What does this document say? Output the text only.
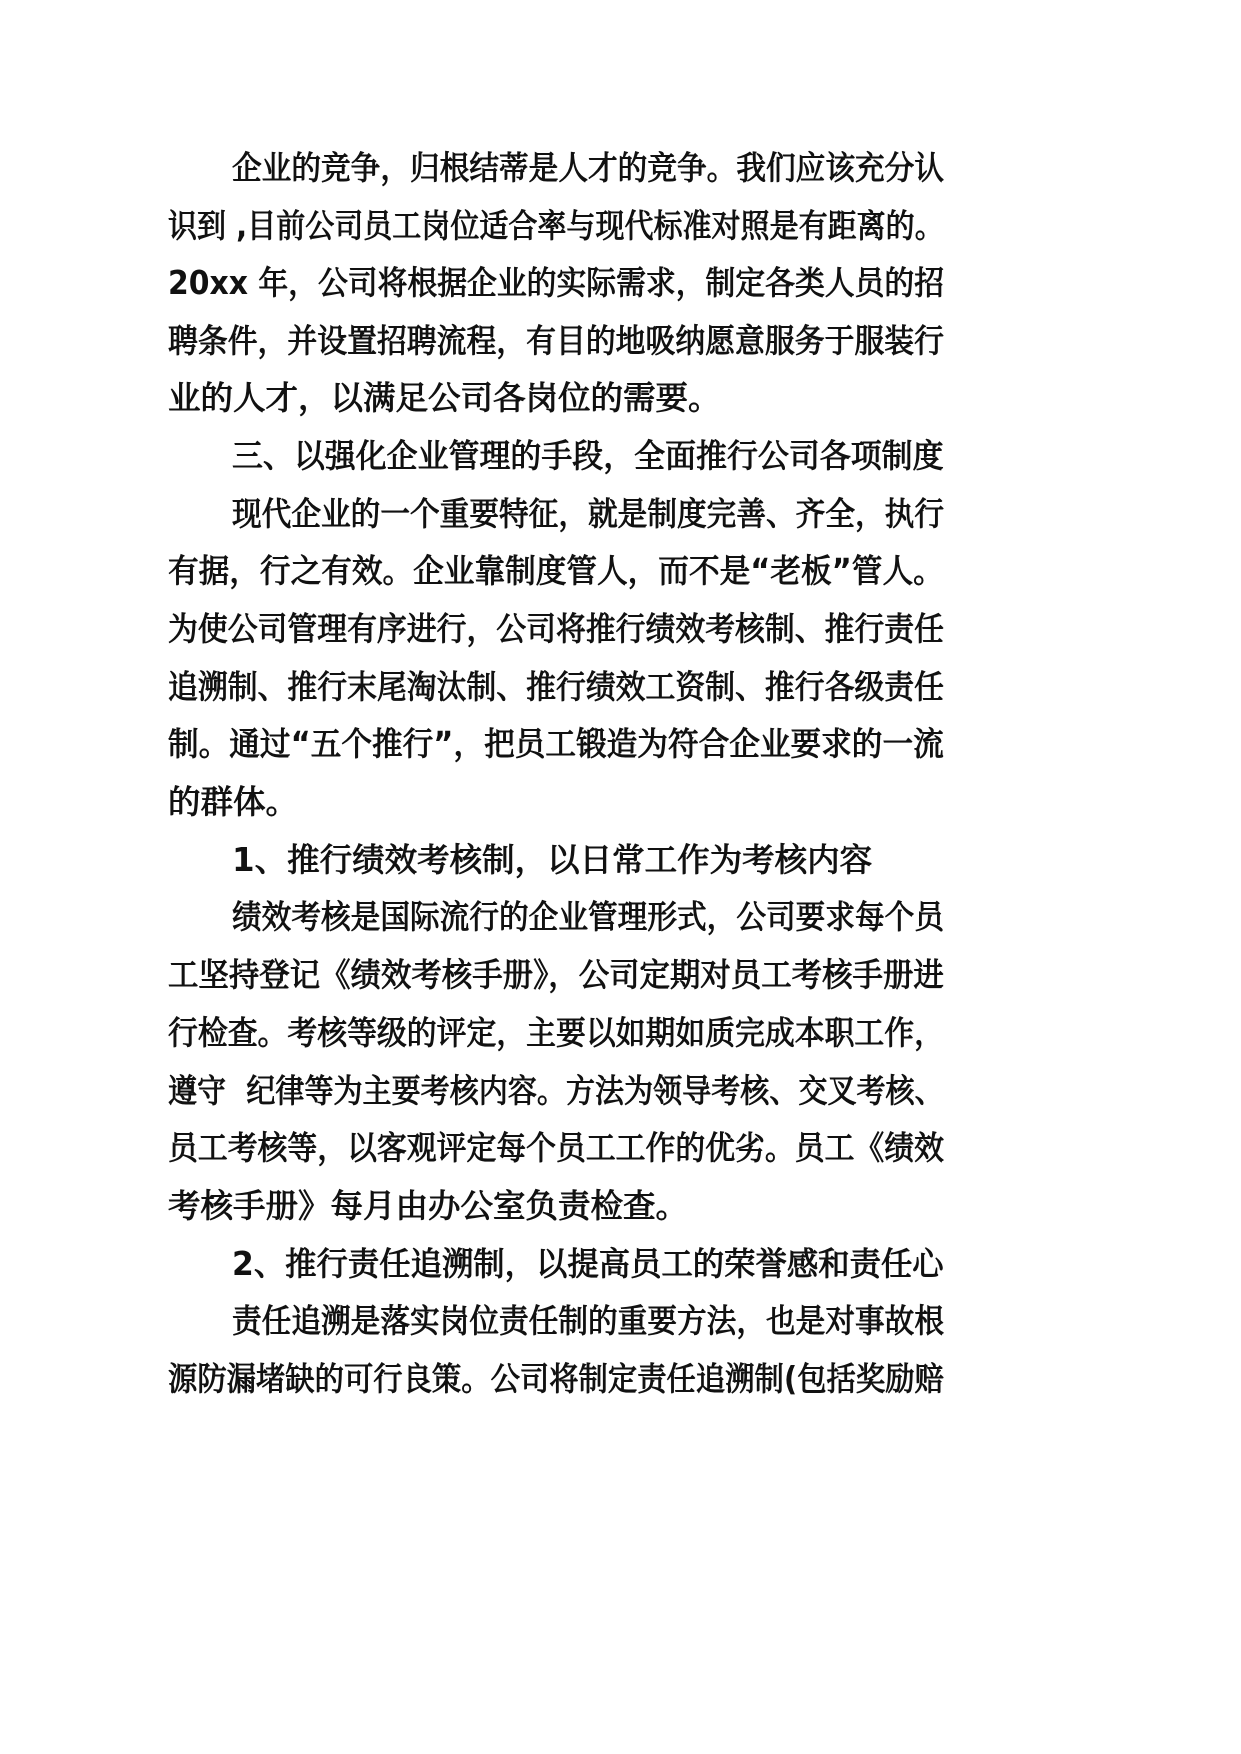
企业的竞争，归根结蒂是人才的竞争。我们应该充分认
识到 ,目前公司员工岗位适合率与现代标准对照是有距离的。
20xx 年，公司将根据企业的实际需求，制定各类人员的招
聘条件，并设置招聘流程，有目的地吸纳愿意服务于服装行
业的人才，以满足公司各岗位的需要。
三、以强化企业管理的手段，全面推行公司各项制度
现代企业的一个重要特征，就是制度完善、齐全，执行
有据，行之有效。企业靠制度管人，而不是“老板”管人。
为使公司管理有序进行，公司将推行绩效考核制、推行责任
追溯制、推行末尾淘汰制、推行绩效工资制、推行各级责任
制。通过“五个推行”，把员工锻造为符合企业要求的一流
的群体。
1、推行绩效考核制，以日常工作为考核内容
绩效考核是国际流行的企业管理形式，公司要求每个员
工坚持登记《绩效考核手册》，公司定期对员工考核手册进
行检查。考核等级的评定，主要以如期如质完成本职工作，
遵守  纪律等为主要考核内容。方法为领导考核、交叉考核、
员工考核等，以客观评定每个员工工作的优劣。员工《绩效
考核手册》每月由办公室负责检查。
2、推行责任追溯制，以提高员工的荣誉感和责任心
责任追溯是落实岗位责任制的重要方法，也是对事故根
源防漏堵缺的可行良策。公司将制定责任追溯制(包括奖励赔
